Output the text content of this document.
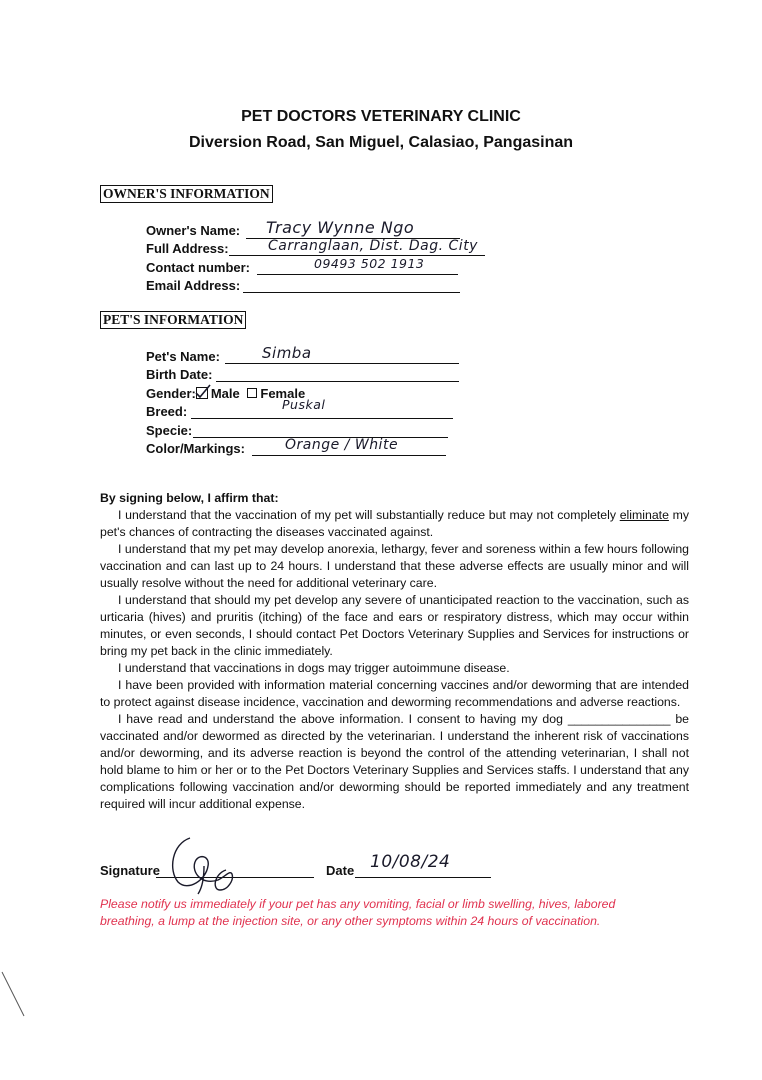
PET DOCTORS VETERINARY CLINIC
Diversion Road, San Miguel, Calasiao, Pangasinan
OWNER'S INFORMATION
Owner's Name: Tracy Wynne Ngo
Full Address:	Carranglaan, Dist. Dag. City
Contact number:	09493 502 1913
Email Address:
PET'S INFORMATION
Pet's Name:	Simba
Birth Date:
Gender: Male Female
Breed:	Puskal
Specie:
Color/Markings:	Orange / White

By signing below, I affirm that:

I understand that the vaccination of my pet will substantially reduce but may not completely eliminate my pet's chances of contracting the diseases vaccinated against.

I understand that my pet may develop anorexia, lethargy, fever and soreness within a few hours following vaccination and can last up to 24 hours. I understand that these adverse effects are usually minor and will usually resolve without the need for additional veterinary care.

I understand that should my pet develop any severe of unanticipated reaction to the vaccination, such as urticaria (hives) and pruritis (itching) of the face and ears or respiratory distress, which may occur within minutes, or even seconds, I should contact Pet Doctors Veterinary Supplies and Services for instructions or bring my pet back in the clinic immediately.

I understand that vaccinations in dogs may trigger autoimmune disease.

I have been provided with information material concerning vaccines and/or deworming that are intended to protect against disease incidence, vaccination and deworming recommendations and adverse reactions.

I have read and understand the above information. I consent to having my dog _______________ be vaccinated and/or dewormed as directed by the veterinarian. I understand the inherent risk of vaccinations and/or deworming, and its adverse reaction is beyond the control of the attending veterinarian, I shall not hold blame to him or her or to the Pet Doctors Veterinary Supplies and Services staffs. I understand that any complications following vaccination and/or deworming should be reported immediately and any treatment required will incur additional expense.

Signature	Date 10/08/24
Please notify us immediately if your pet has any vomiting, facial or limb swelling, hives, labored breathing, a lump at the injection site, or any other symptoms within 24 hours of vaccination.
